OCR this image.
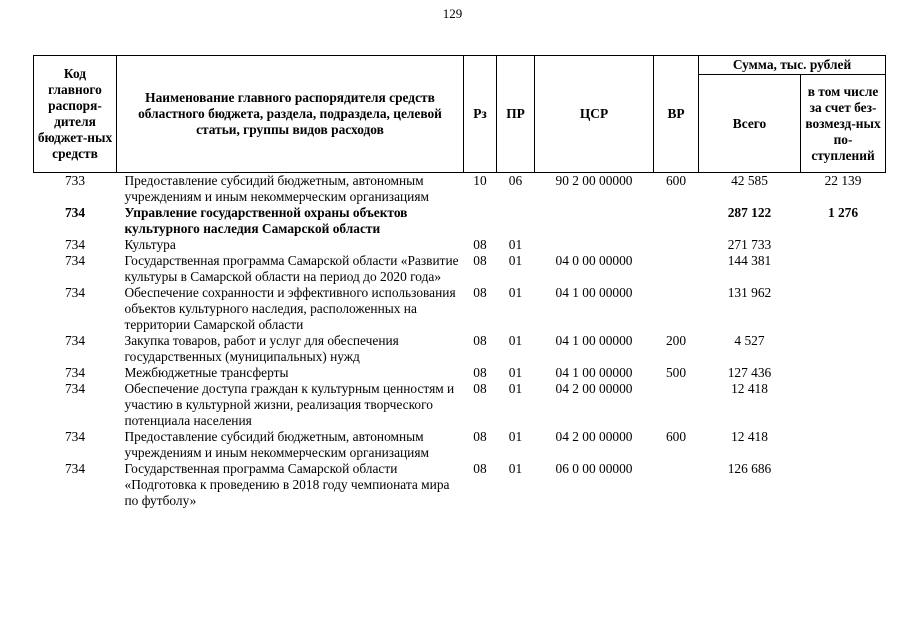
129
Код главного распоря-дителя бюджет-ных средств	Наименование главного распорядителя средств областного бюджета, раздела, подраздела, целевой статьи, группы видов расходов	Рз	ПР	ЦСР	ВР	Сумма, тыс. рублей	
						Всего	в том числе за счет без-возмезд-ных по-ступлений
733	Предоставление субсидий бюджетным, автономным учреждениям и иным некоммерческим организациям	10	06	90 2 00 00000	600	42 585	22 139
734	Управление государственной охраны объектов культурного наследия Самарской области					287 122	1 276
734	Культура	08	01			271 733	
734	Государственная программа Самарской области «Развитие культуры в Самарской области на период до 2020 года»	08	01	04 0 00 00000		144 381	
734	Обеспечение сохранности и эффективного использования объектов культурного наследия, расположенных на территории Самарской области	08	01	04 1 00 00000		131 962	
734	Закупка товаров, работ и услуг для обеспечения государственных (муниципальных) нужд	08	01	04 1 00 00000	200	4 527	
734	Межбюджетные трансферты	08	01	04 1 00 00000	500	127 436	
734	Обеспечение доступа граждан к культурным ценностям и участию в культурной жизни, реализация творческого потенциала населения	08	01	04 2 00 00000		12 418	
734	Предоставление субсидий бюджетным, автономным учреждениям и иным некоммерческим организациям	08	01	04 2 00 00000	600	12 418	
734	Государственная программа Самарской области «Подготовка к проведению в 2018 году чемпионата мира по футболу»	08	01	06 0 00 00000		126 686	
